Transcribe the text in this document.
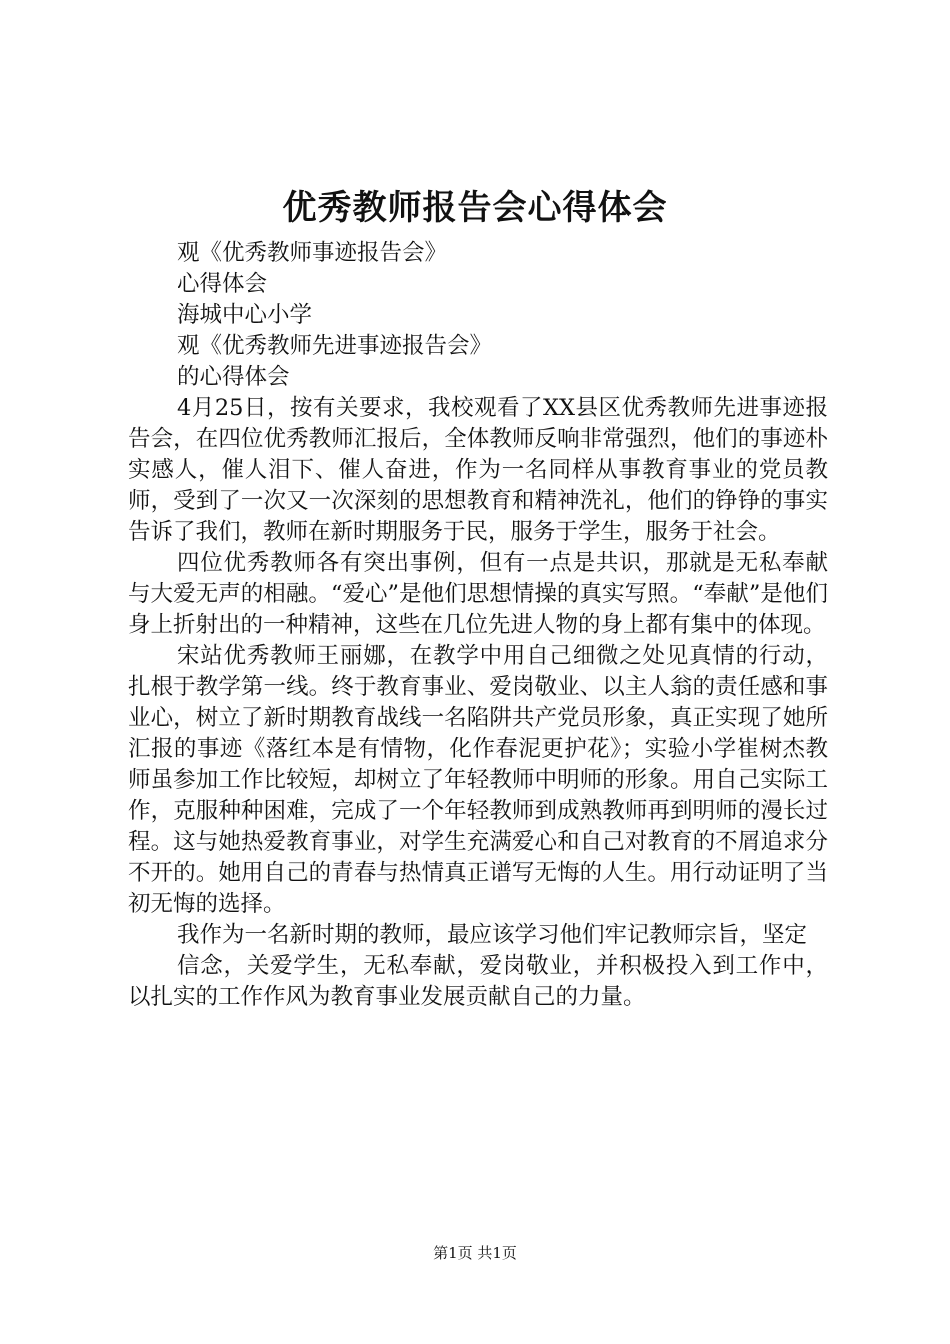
优秀教师报告会心得体会

观《优秀教师事迹报告会》

心得体会

海城中心小学

观《优秀教师先进事迹报告会》

的心得体会

4月25日，按有关要求，我校观看了XX县区优秀教师先进事迹报告会，在四位优秀教师汇报后，全体教师反响非常强烈，他们的事迹朴实感人，催人泪下、催人奋进，作为一名同样从事教育事业的党员教师，受到了一次又一次深刻的思想教育和精神洗礼，他们的铮铮的事实告诉了我们，教师在新时期服务于民，服务于学生，服务于社会。

四位优秀教师各有突出事例，但有一点是共识，那就是无私奉献与大爱无声的相融。“爱心”是他们思想情操的真实写照。“奉献”是他们身上折射出的一种精神，这些在几位先进人物的身上都有集中的体现。

宋站优秀教师王丽娜，在教学中用自己细微之处见真情的行动，扎根于教学第一线。终于教育事业、爱岗敬业、以主人翁的责任感和事业心，树立了新时期教育战线一名陷阱共产党员形象，真正实现了她所汇报的事迹《落红本是有情物，化作春泥更护花》；实验小学崔树杰教师虽参加工作比较短，却树立了年轻教师中明师的形象。用自己实际工作，克服种种困难，完成了一个年轻教师到成熟教师再到明师的漫长过程。这与她热爱教育事业，对学生充满爱心和自己对教育的不屑追求分不开的。她用自己的青春与热情真正谱写无悔的人生。用行动证明了当初无悔的选择。

我作为一名新时期的教师，最应该学习他们牢记教师宗旨，坚定

信念，关爱学生，无私奉献，爱岗敬业，并积极投入到工作中，以扎实的工作作风为教育事业发展贡献自己的力量。

第1页 共1页
